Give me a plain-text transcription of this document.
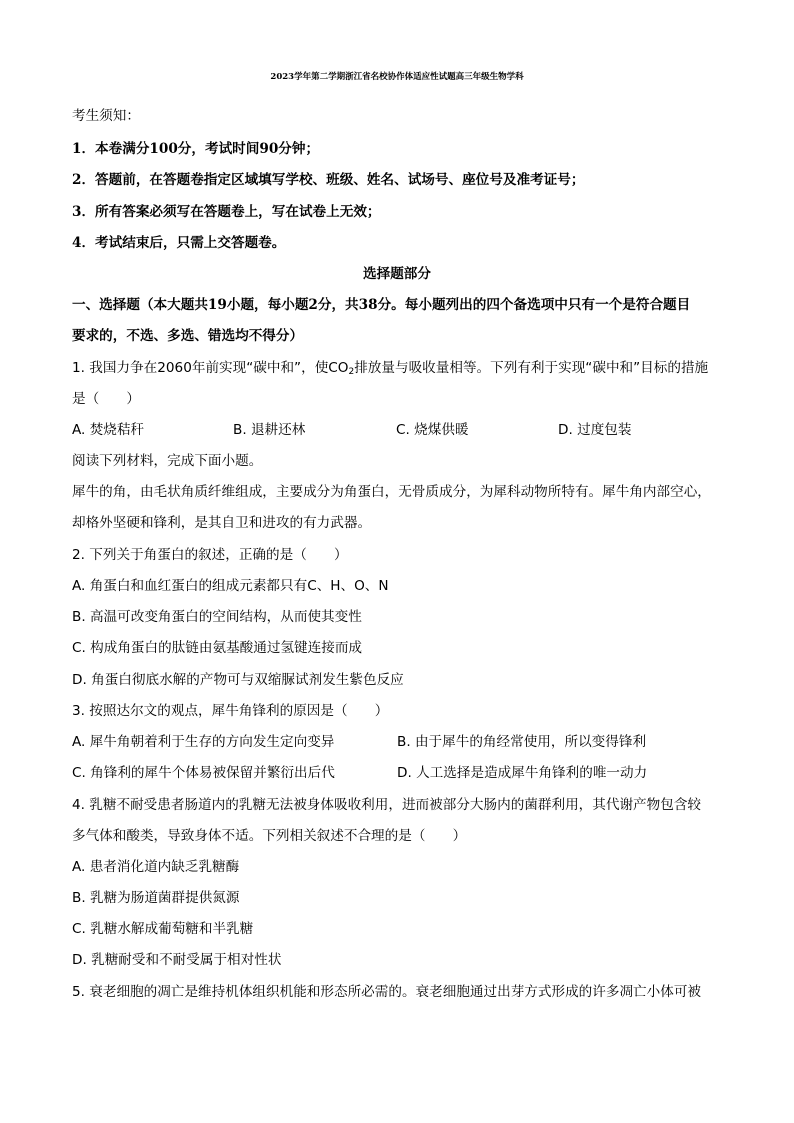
2023学年第二学期浙江省名校协作体适应性试题高三年级生物学科
考生须知：
1．本卷满分100分，考试时间90分钟；
2．答题前，在答题卷指定区域填写学校、班级、姓名、试场号、座位号及准考证号；
3．所有答案必须写在答题卷上，写在试卷上无效；
4．考试结束后，只需上交答题卷。
选择题部分
一、选择题（本大题共19小题，每小题2分，共38分。每小题列出的四个备选项中只有一个是符合题目
要求的，不选、多选、错选均不得分）
1. 我国力争在2060年前实现“碳中和”，使$CO_2$排放量与吸收量相等。下列有利于实现“碳中和”目标的措施
是（　　）
A. 焚烧秸秆	B. 退耕还林	C. 烧煤供暖	D. 过度包装
阅读下列材料，完成下面小题。
犀牛的角，由毛状角质纤维组成，主要成分为角蛋白，无骨质成分，为犀科动物所特有。犀牛角内部空心，
却格外坚硬和锋利，是其自卫和进攻的有力武器。
2. 下列关于角蛋白的叙述，正确的是（　　）
A. 角蛋白和血红蛋白的组成元素都只有C、H、O、N
B. 高温可改变角蛋白的空间结构，从而使其变性
C. 构成角蛋白的肽链由氨基酸通过氢键连接而成
D. 角蛋白彻底水解的产物可与双缩脲试剂发生紫色反应
3. 按照达尔文的观点，犀牛角锋利的原因是（　　）
A. 犀牛角朝着利于生存的方向发生定向变异	B. 由于犀牛的角经常使用，所以变得锋利
C. 角锋利的犀牛个体易被保留并繁衍出后代	D. 人工选择是造成犀牛角锋利的唯一动力
4. 乳糖不耐受患者肠道内的乳糖无法被身体吸收利用，进而被部分大肠内的菌群利用，其代谢产物包含较
多气体和酸类，导致身体不适。下列相关叙述不合理的是（　　）
A. 患者消化道内缺乏乳糖酶
B. 乳糖为肠道菌群提供氮源
C. 乳糖水解成葡萄糖和半乳糖
D. 乳糖耐受和不耐受属于相对性状
5. 衰老细胞的凋亡是维持机体组织机能和形态所必需的。衰老细胞通过出芽方式形成的许多凋亡小体可被
